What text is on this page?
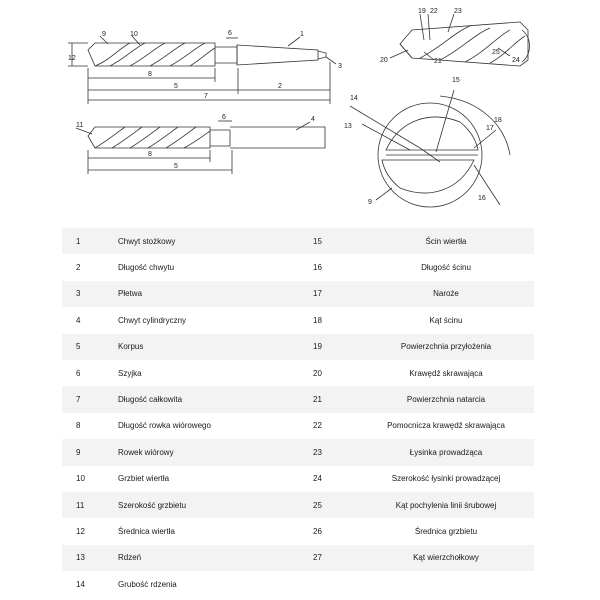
12
9	10	6	1
3
8
5	2
7
11
6	4
8
5
19 22 23
20	21
25
24
14
15
13	17
18
9
16
1	Chwyt stożkowy	15	Ścin wiertła
2	Długość chwytu	16	Długość ścinu
3	Płetwa	17	Naroże
4	Chwyt cylindryczny	18	Kąt ścinu
5	Korpus	19	Powierzchnia przyłożenia
6	Szyjka	20	Krawędź skrawająca
7	Długość całkowita	21	Powierzchnia natarcia
8	Długość rowka wiórowego	22	Pomocnicza krawędź skrawająca
9	Rowek wiórowy	23	Łysinka prowadząca
10	Grzbiet wiertła	24	Szerokość łysinki prowadzącej
11	Szerokość grzbietu	25	Kąt pochylenia linii śrubowej
12	Średnica wiertła	26	Średnica grzbietu
13	Rdzeń	27	Kąt wierzchołkowy
14	Grubość rdzenia		
